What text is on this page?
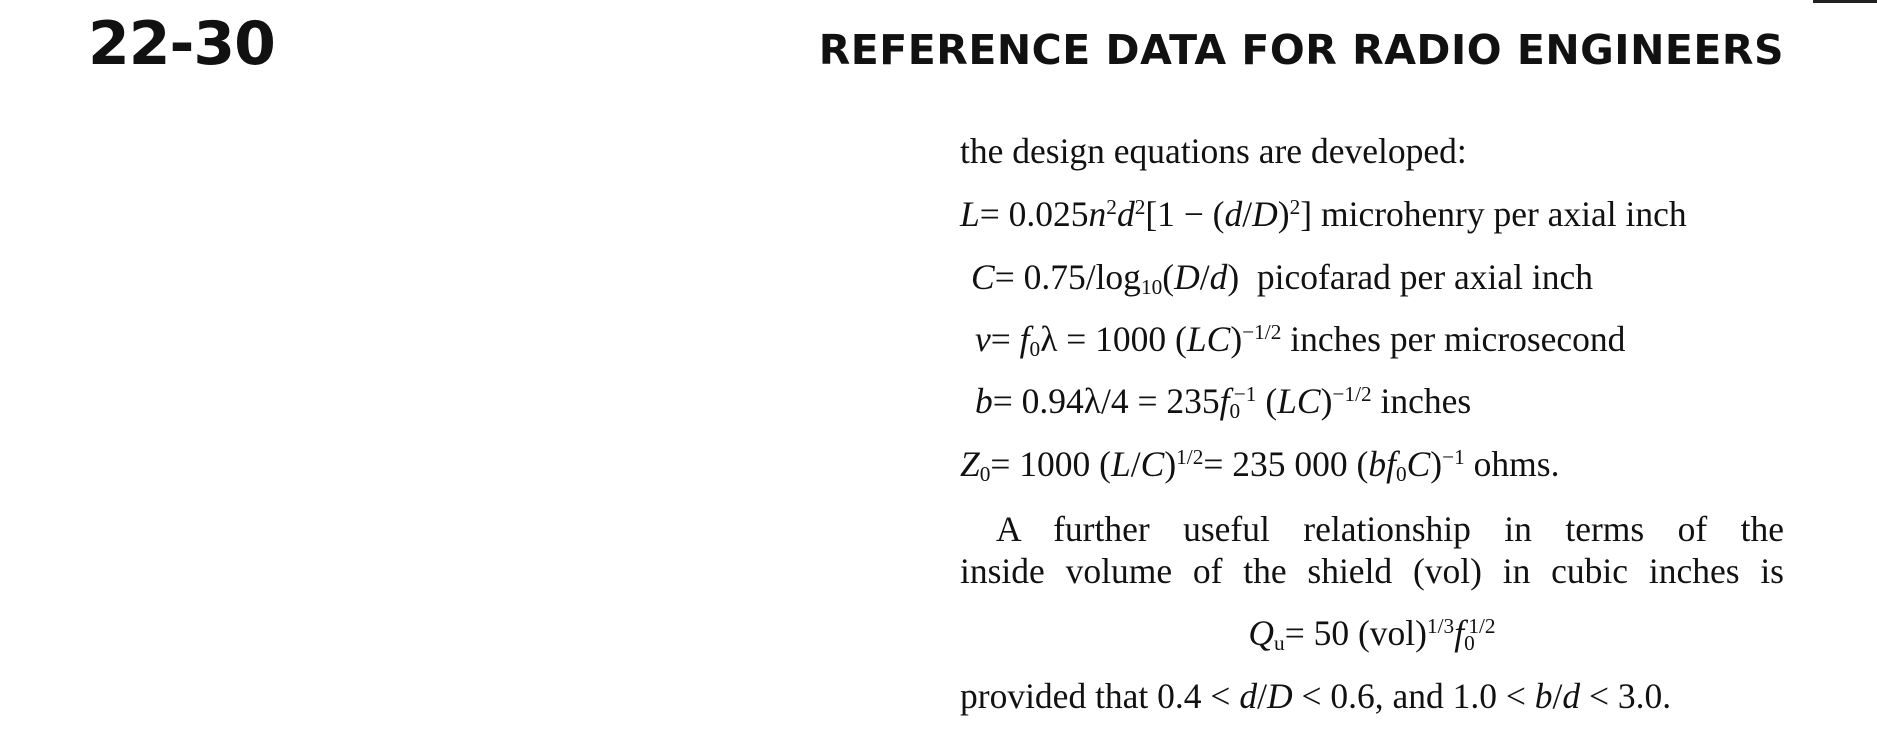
22-30	REFERENCE DATA FOR RADIO ENGINEERS
the design equations are developed:
$L= 0.025n^2d^2[1 - (d/D)^2]$ microhenry per axial inch
$C= 0.75/\log_{10}(D/d)$  picofarad per axial inch
$v= f_0\lambda = 1000$ (LC)$^{-1/2}$ inches per microsecond
$b= 0.94\lambda/4 = 235f_0^{-1}$ (LC)$^{-1/2}$ inches
$Z_0= 1000$ $(L/C)^{1/2}= 235$ 000 $(bf_0C)^{-1}$ ohms.
A further useful relationship in terms of the
inside volume of the shield (vol) in cubic inches is
$Q_u= 50$ $(vol)^{1/3}f_0^{1/2}$
provided that 0.4 < d/D < 0.6, and 1.0 < b/d < 3.0.
